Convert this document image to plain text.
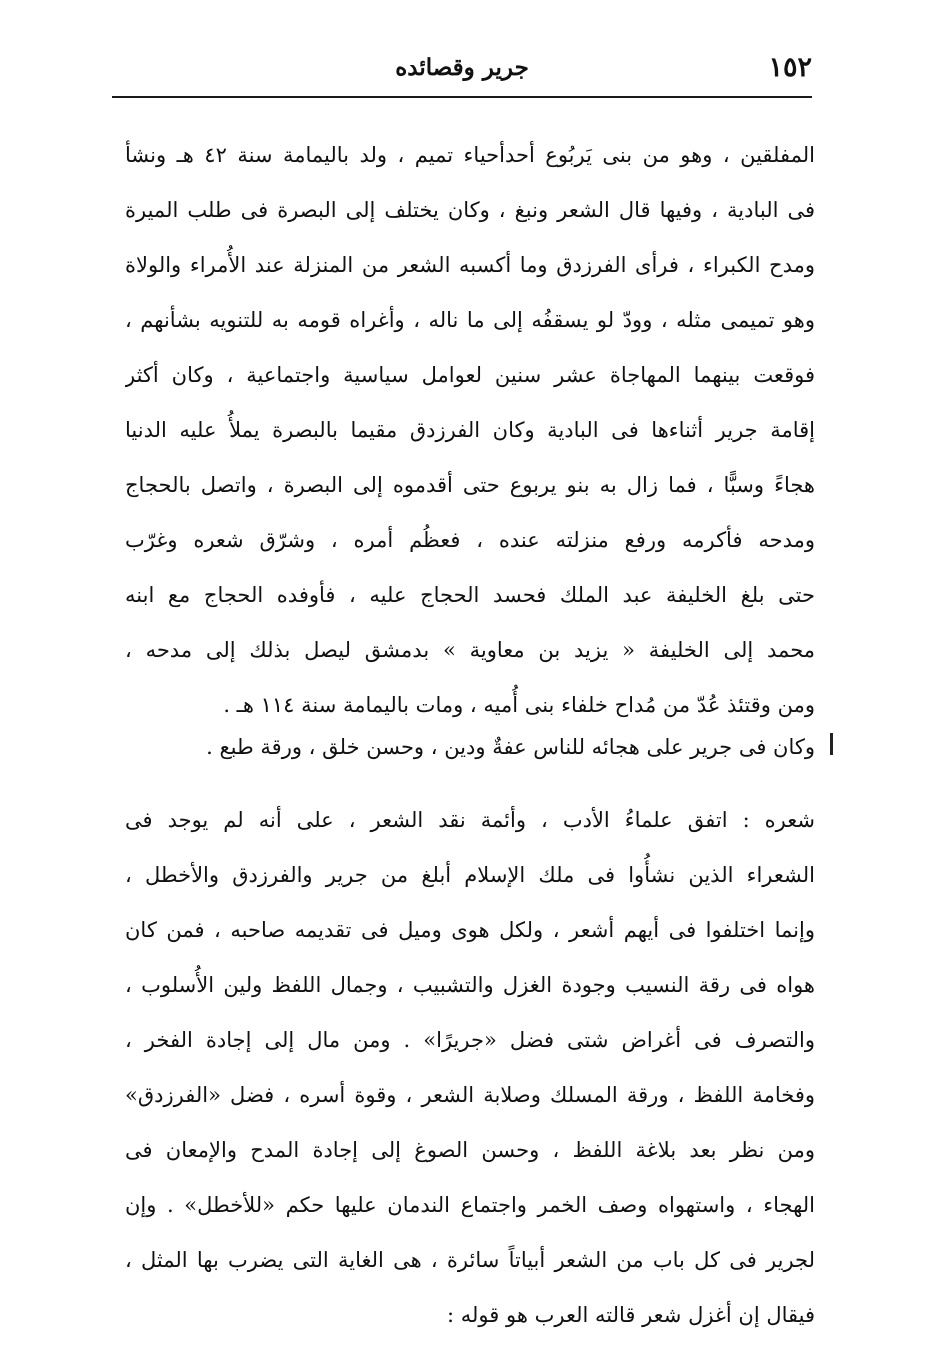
١٥٢
جرير وقصائده
المفلقين ، وهو من بنى يَربُوع أحدأحياء تميم ، ولد باليمامة سنة ٤٢ هـ ونشأ
فى البادية ، وفيها قال الشعر ونبغ ، وكان يختلف إلى البصرة فى طلب الميرة
ومدح الكبراء ، فرأى الفرزدق وما أكسبه الشعر من المنزلة عند الأُمراء والولاة
وهو تميمى مثله ، وودّ لو يسقفُه إلى ما ناله ، وأغراه قومه به للتنويه بشأنهم ،
فوقعت بينهما المهاجاة عشر سنين لعوامل سياسية واجتماعية ، وكان أكثر
إقامة جرير أثناءها فى البادية وكان الفرزدق مقيما بالبصرة يملأُ عليه الدنيا
هجاءً وسبًّا ، فما زال به بنو يربوع حتى أقدموه إلى البصرة ، واتصل بالحجاج
ومدحه فأكرمه ورفع منزلته عنده ، فعظُم أمره ، وشرّق شعره وغرّب
حتى بلغ الخليفة عبد الملك فحسد الحجاج عليه ، فأوفده الحجاج مع ابنه
محمد إلى الخليفة « يزيد بن معاوية » بدمشق ليصل بذلك إلى مدحه ،
ومن وقتئذ عُدّ من مُداح خلفاء بنى أُميه ، ومات باليمامة سنة ١١٤ هـ .
وكان فى جرير على هجائه للناس عفةٌ ودين ، وحسن خلق ، ورقة طبع .
شعره : اتفق علماءُ الأدب ، وأئمة نقد الشعر ، على أنه لم يوجد فى
الشعراء الذين نشأُوا فى ملك الإسلام أبلغ من جرير والفرزدق والأخطل ،
وإنما اختلفوا فى أيهم أشعر ، ولكل هوى وميل فى تقديمه صاحبه ، فمن كان
هواه فى رقة النسيب وجودة الغزل والتشبيب ، وجمال اللفظ ولين الأُسلوب ،
والتصرف فى أغراض شتى فضل «جريرًا» . ومن مال إلى إجادة الفخر ،
وفخامة اللفظ ، ورقة المسلك وصلابة الشعر ، وقوة أسره ، فضل «الفرزدق»
ومن نظر بعد بلاغة اللفظ ، وحسن الصوغ إلى إجادة المدح والإمعان فى
الهجاء ، واستهواه وصف الخمر واجتماع الندمان عليها حكم «للأخطل» . وإن
لجرير فى كل باب من الشعر أبياتاً سائرة ، هى الغاية التى يضرب بها المثل ،
فيقال إن أغزل شعر قالته العرب هو قوله :
